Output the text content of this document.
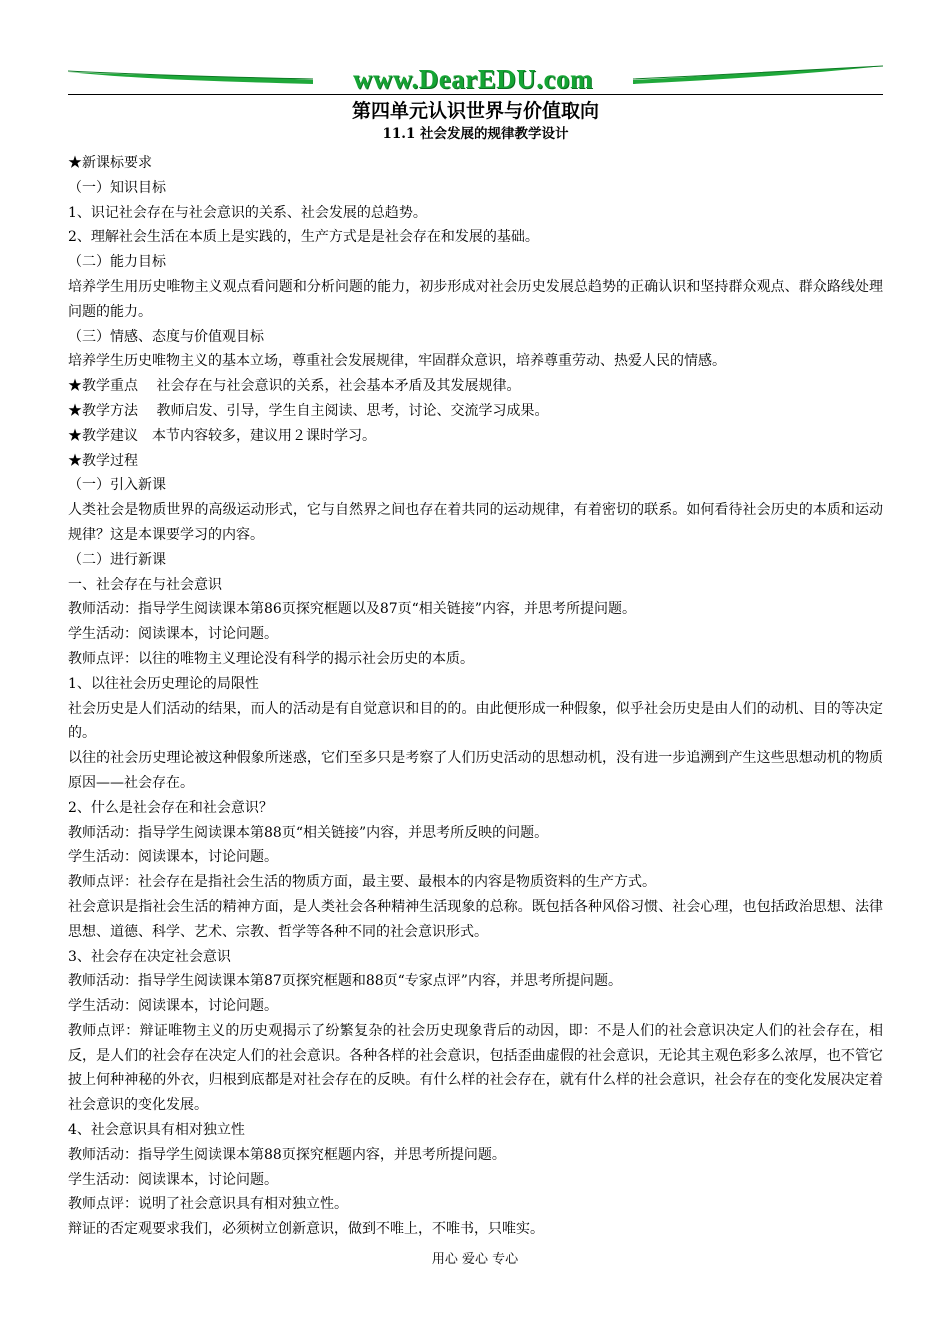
www.DearEDU.com
第四单元认识世界与价值取向
11.1 社会发展的规律教学设计

★新课标要求

（一）知识目标

1、识记社会存在与社会意识的关系、社会发展的总趋势。

2、理解社会生活在本质上是实践的，生产方式是是社会存在和发展的基础。

（二）能力目标

培养学生用历史唯物主义观点看问题和分析问题的能力，初步形成对社会历史发展总趋势的正确认识和坚持群众观点、群众路线处理问题的能力。

（三）情感、态度与价值观目标

培养学生历史唯物主义的基本立场，尊重社会发展规律，牢固群众意识，培养尊重劳动、热爱人民的情感。

★教学重点　 社会存在与社会意识的关系，社会基本矛盾及其发展规律。

★教学方法　 教师启发、引导，学生自主阅读、思考，讨论、交流学习成果。

★教学建议　本节内容较多，建议用２课时学习。

★教学过程

（一）引入新课

人类社会是物质世界的高级运动形式，它与自然界之间也存在着共同的运动规律，有着密切的联系。如何看待社会历史的本质和运动规律？这是本课要学习的内容。

（二）进行新课

一、社会存在与社会意识

教师活动：指导学生阅读课本第86页探究框题以及87页“相关链接”内容，并思考所提问题。

学生活动：阅读课本，讨论问题。

教师点评：以往的唯物主义理论没有科学的揭示社会历史的本质。

1、以往社会历史理论的局限性

社会历史是人们活动的结果，而人的活动是有自觉意识和目的的。由此便形成一种假象，似乎社会历史是由人们的动机、目的等决定的。

以往的社会历史理论被这种假象所迷惑，它们至多只是考察了人们历史活动的思想动机，没有进一步追溯到产生这些思想动机的物质原因——社会存在。

2、什么是社会存在和社会意识？

教师活动：指导学生阅读课本第88页“相关链接”内容，并思考所反映的问题。

学生活动：阅读课本，讨论问题。

教师点评：社会存在是指社会生活的物质方面，最主要、最根本的内容是物质资料的生产方式。

社会意识是指社会生活的精神方面，是人类社会各种精神生活现象的总称。既包括各种风俗习惯、社会心理，也包括政治思想、法律思想、道德、科学、艺术、宗教、哲学等各种不同的社会意识形式。

3、社会存在决定社会意识

教师活动：指导学生阅读课本第87页探究框题和88页“专家点评”内容，并思考所提问题。

学生活动：阅读课本，讨论问题。

教师点评：辩证唯物主义的历史观揭示了纷繁复杂的社会历史现象背后的动因，即：不是人们的社会意识决定人们的社会存在，相反，是人们的社会存在决定人们的社会意识。各种各样的社会意识，包括歪曲虚假的社会意识，无论其主观色彩多么浓厚，也不管它披上何种神秘的外衣，归根到底都是对社会存在的反映。有什么样的社会存在，就有什么样的社会意识，社会存在的变化发展决定着社会意识的变化发展。

4、社会意识具有相对独立性

教师活动：指导学生阅读课本第88页探究框题内容，并思考所提问题。

学生活动：阅读课本，讨论问题。

教师点评：说明了社会意识具有相对独立性。

辩证的否定观要求我们，必须树立创新意识，做到不唯上，不唯书，只唯实。

用心 爱心 专心
